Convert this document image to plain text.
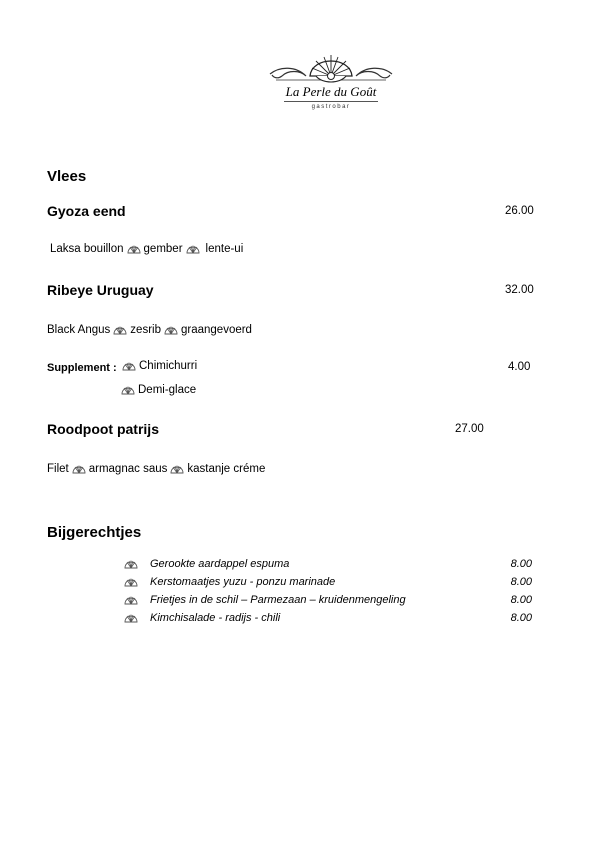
La Perle du Goût
gastrobar
Vlees
Gyoza eend	26.00
Laksa bouillon gember lente-ui
Ribeye Uruguay	32.00
Black Angus zesrib graangevoerd
Supplement : Chimichurri	4.00
Demi-glace
Roodpoot patrijs	27.00
Filet armagnac saus kastanje créme
Bijgerechtjes
Gerookte aardappel espuma	8.00
Kerstomaatjes yuzu - ponzu marinade	8.00
Frietjes in de schil – Parmezaan – kruidenmengeling	8.00
Kimchisalade - radijs - chili	8.00
